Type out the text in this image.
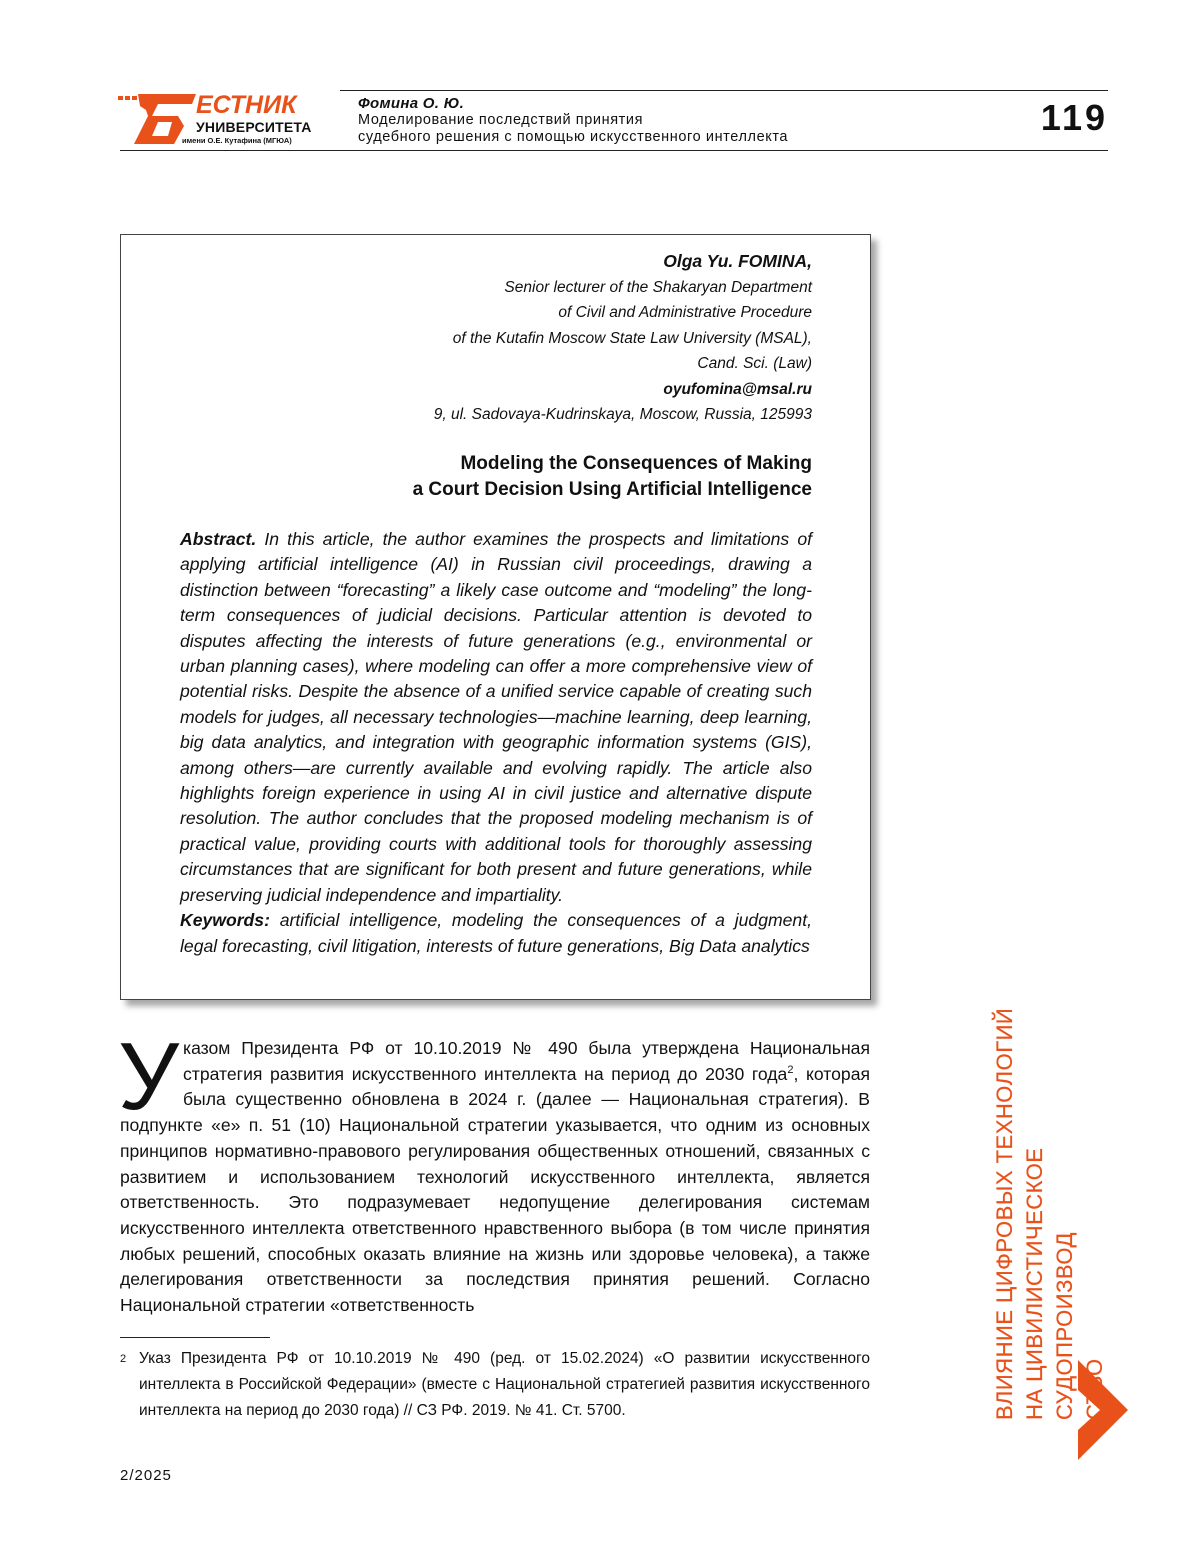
ЕСТНИК
УНИВЕРСИТЕТА
имени О.Е. Кутафина (МГЮА)
Фомина О. Ю.
Моделирование последствий принятия
судебного решения с помощью искусственного интеллекта	119
Olga Yu. FOMINA,
Senior lecturer of the Shakaryan Department
of Civil and Administrative Procedure
of the Kutafin Moscow State Law University (MSAL),
Cand. Sci. (Law)
oyufomina@msal.ru
9, ul. Sadovaya-Kudrinskaya, Moscow, Russia, 125993
Modeling the Consequences of Making
a Court Decision Using Artificial Intelligence
Abstract. In this article, the author examines the prospects and limitations of applying artificial intelligence (AI) in Russian civil proceedings, drawing a distinction between “forecasting” a likely case outcome and “modeling” the long-term consequences of judicial decisions. Particular attention is devoted to disputes affecting the interests of future generations (e.g., environmental or urban planning cases), where modeling can offer a more comprehensive view of potential risks. Despite the absence of a unified service capable of creat­ing such models for judges, all necessary technologies—machine learning, deep learning, big data analytics, and integration with geographic information systems (GIS), among others—are currently available and evolving rapidly. The article also highlights foreign experience in using AI in civil justice and alternative dispute resolution. The author concludes that the proposed model­ing mechanism is of practical value, providing courts with additional tools for thoroughly assessing circumstances that are significant for both present and future generations, while preserving judicial independence and impartiality.
Keywords: artificial intelligence, modeling the consequences of a judg­ment, legal forecasting, civil litigation, interests of future generations, Big Data analytics
У казом Президента РФ от 10.10.2019 № 490 была утверждена Национальная стратегия развития искусственного интеллекта на период до 2030 года2, которая была существенно обновлена в 2024 г. (далее — Национальная стратегия). В подпункте «е» п. 51 (10) Национальной стратегии указывается, что одним из основных принципов нормативно-правового регулирования общественных отношений, связанных с развитием и использованием технологий искусственного интеллекта, является ответственность. Это подразумевает недопущение делегирования системам искусственного интеллекта ответственного нравственного выбора (в том числе принятия любых решений, способных оказать влияние на жизнь или здоровье человека), а также делегирования ответственности за последствия принятия решений. Согласно Национальной стратегии «ответственность
2 Указ Президента РФ от 10.10.2019 № 490 (ред. от 15.02.2024) «О развитии искусственного интеллекта в Российской Федерации» (вместе с Национальной стратегией развития искусственного интеллекта на период до 2030 года) // СЗ РФ. 2019. № 41. Ст. 5700.
2/2025
ВЛИЯНИЕ ЦИФРОВЫХ ТЕХНОЛОГИЙ
НА ЦИВИЛИСТИЧЕСКОЕ СУДОПРОИЗВОД
